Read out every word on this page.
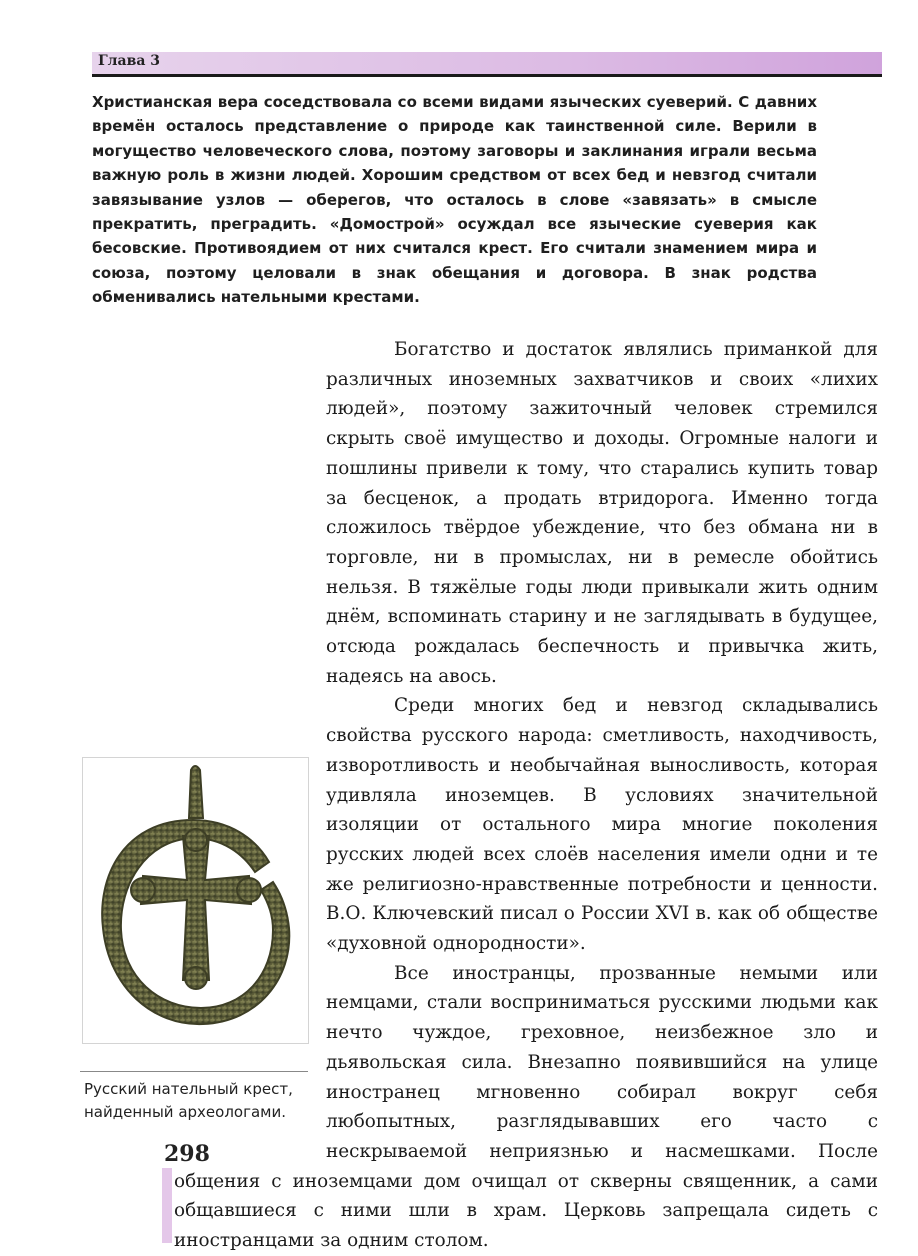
Глава 3
Христианская вера соседствовала со всеми видами языческих суеверий. С давних времён осталось представление о природе как таинственной силе. Верили в могущество человеческого слова, поэтому заговоры и заклинания играли весьма важную роль в жизни людей. Хорошим средством от всех бед и невзгод считали завязывание узлов — оберегов, что осталось в слове «завязать» в смысле прекратить, преградить. «Домострой» осуждал все языческие суеверия как бесовские. Противоядием от них считался крест. Его считали знамением мира и союза, поэтому целовали в знак обещания и договора. В знак родства обменивались нательными крестами.

Богатство и достаток являлись приманкой для различных иноземных захватчиков и своих «лихих людей», поэтому зажиточный человек стремился скрыть своё имущество и доходы. Огромные налоги и пошлины привели к тому, что старались купить товар за бесценок, а продать втридорога. Именно тогда сложилось твёрдое убеждение, что без обмана ни в торговле, ни в промыслах, ни в ремесле обойтись нельзя. В тяжёлые годы люди привыкали жить одним днём, вспоминать старину и не заглядывать в будущее, отсюда рождалась беспечность и привычка жить, надеясь на авось.

Среди многих бед и невзгод складывались свойства русского народа: сметливость, находчивость, изворотливость и необычайная выносливость, которая удивляла иноземцев. В условиях значительной изоляции от остального мира многие поколения русских людей всех слоёв населения имели одни и те же религиозно-нравственные потребности и ценности. В.О. Ключевский писал о России XVI в. как об обществе «духовной однородности».

Все иностранцы, прозванные немыми или немцами, стали восприниматься русскими людьми как нечто чуждое, греховное, неизбежное зло и дьявольская сила. Внезапно появившийся на улице иностранец мгновенно собирал вокруг себя любопытных, разглядывавших его часто с нескрываемой неприязнью и насмешками. После общения с иноземцами дом очищал от скверны священник, а сами общавшиеся с ними шли в храм. Церковь запрещала сидеть с иностранцами за одним столом.

Русский нательный крест,
найденный археологами.
298
